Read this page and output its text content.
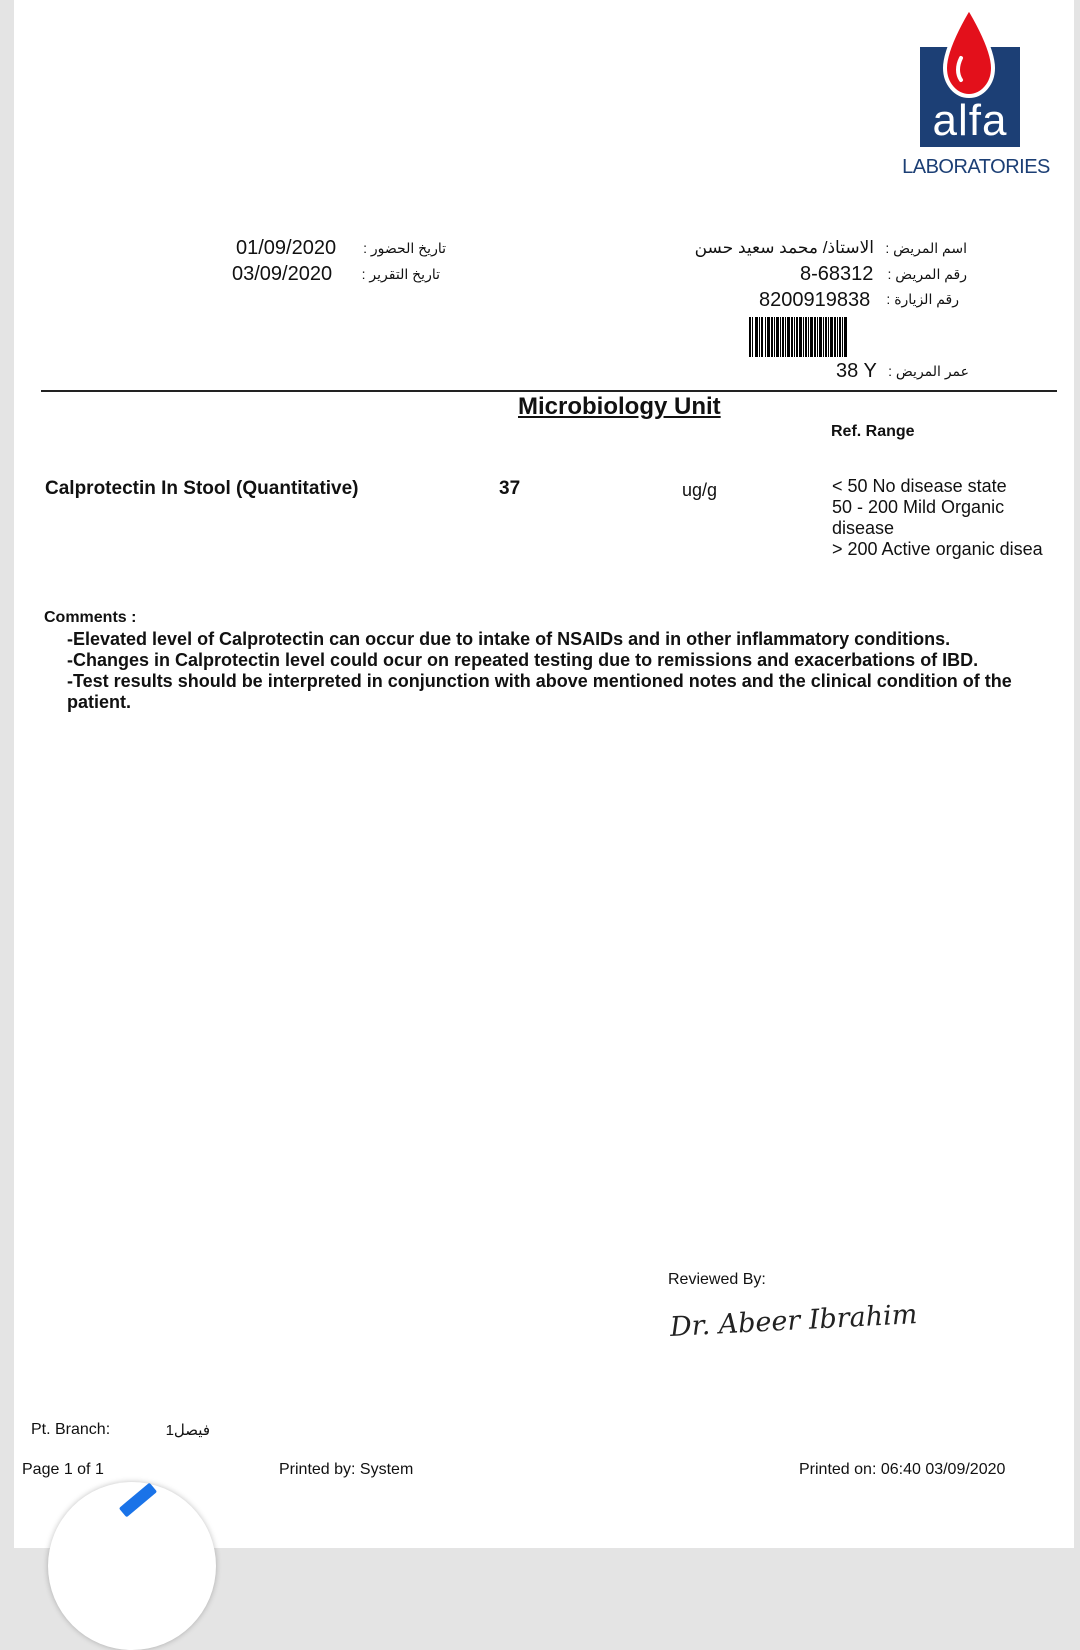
alfa
LABORATORIES
01/09/2020	تاريخ الحضور :
03/09/2020	تاريخ التقرير :
اسم المريض :
الاستاذ/ محمد سعيد حسن
رقم المريض :
8-68312
رقم الزيارة :
8200919838
عمر المريض :
38 Y
Microbiology Unit
Ref. Range
Calprotectin In Stool (Quantitative)	37	ug/g	< 50 No disease state
50 - 200 Mild Organic
disease
> 200 Active organic disea
Comments :
-Elevated level of Calprotectin can occur due to intake of NSAIDs and in other inflammatory conditions.
-Changes in Calprotectin level could ocur on repeated testing due to remissions and exacerbations of IBD.
-Test results should be interpreted in conjunction with above mentioned notes and the clinical condition of the
patient.
Reviewed By:
Dr. Abeer Ibrahim
Pt. Branch:	فيصل1
Page 1 of 1	Printed by: System	Printed on: 06:40 03/09/2020
